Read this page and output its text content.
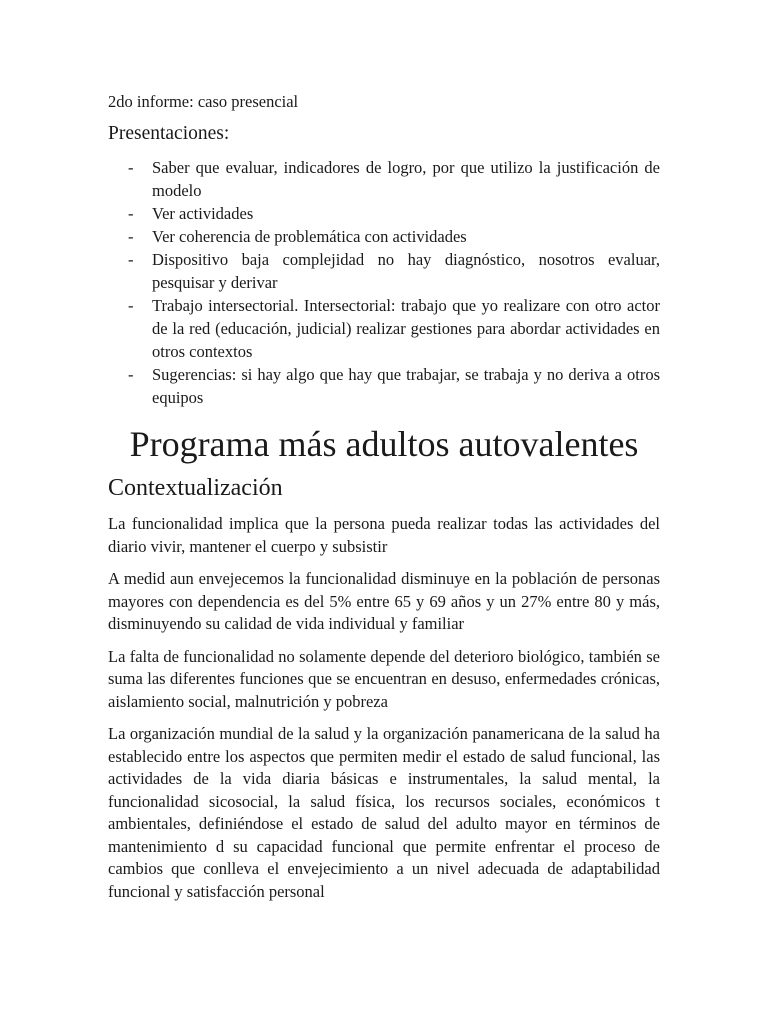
2do informe: caso presencial
Presentaciones:
- Saber que evaluar, indicadores de logro, por que utilizo la justificación de modelo
- Ver actividades
- Ver coherencia de problemática con actividades
- Dispositivo baja complejidad no hay diagnóstico, nosotros evaluar, pesquisar y derivar
- Trabajo intersectorial. Intersectorial: trabajo que yo realizare con otro actor de la red (educación, judicial) realizar gestiones para abordar actividades en otros contextos
- Sugerencias: si hay algo que hay que trabajar, se trabaja y no deriva a otros equipos
Programa más adultos autovalentes
Contextualización

La funcionalidad implica que la persona pueda realizar todas las actividades del diario vivir, mantener el cuerpo y subsistir

A medid aun envejecemos la funcionalidad disminuye en la población de personas mayores con dependencia es del 5% entre 65 y 69 años y un 27% entre 80 y más, disminuyendo su calidad de vida individual y familiar

La falta de funcionalidad no solamente depende del deterioro biológico, también se suma las diferentes funciones que se encuentran en desuso, enfermedades crónicas, aislamiento social, malnutrición y pobreza

La organización mundial de la salud y la organización panamericana de la salud ha establecido entre los aspectos que permiten medir el estado de salud funcional, las actividades de la vida diaria básicas e instrumentales, la salud mental, la funcionalidad sicosocial, la salud física, los recursos sociales, económicos t ambientales, definiéndose el estado de salud del adulto mayor en términos de mantenimiento d su capacidad funcional que permite enfrentar el proceso de cambios que conlleva el envejecimiento a un nivel adecuada de adaptabilidad funcional y satisfacción personal
